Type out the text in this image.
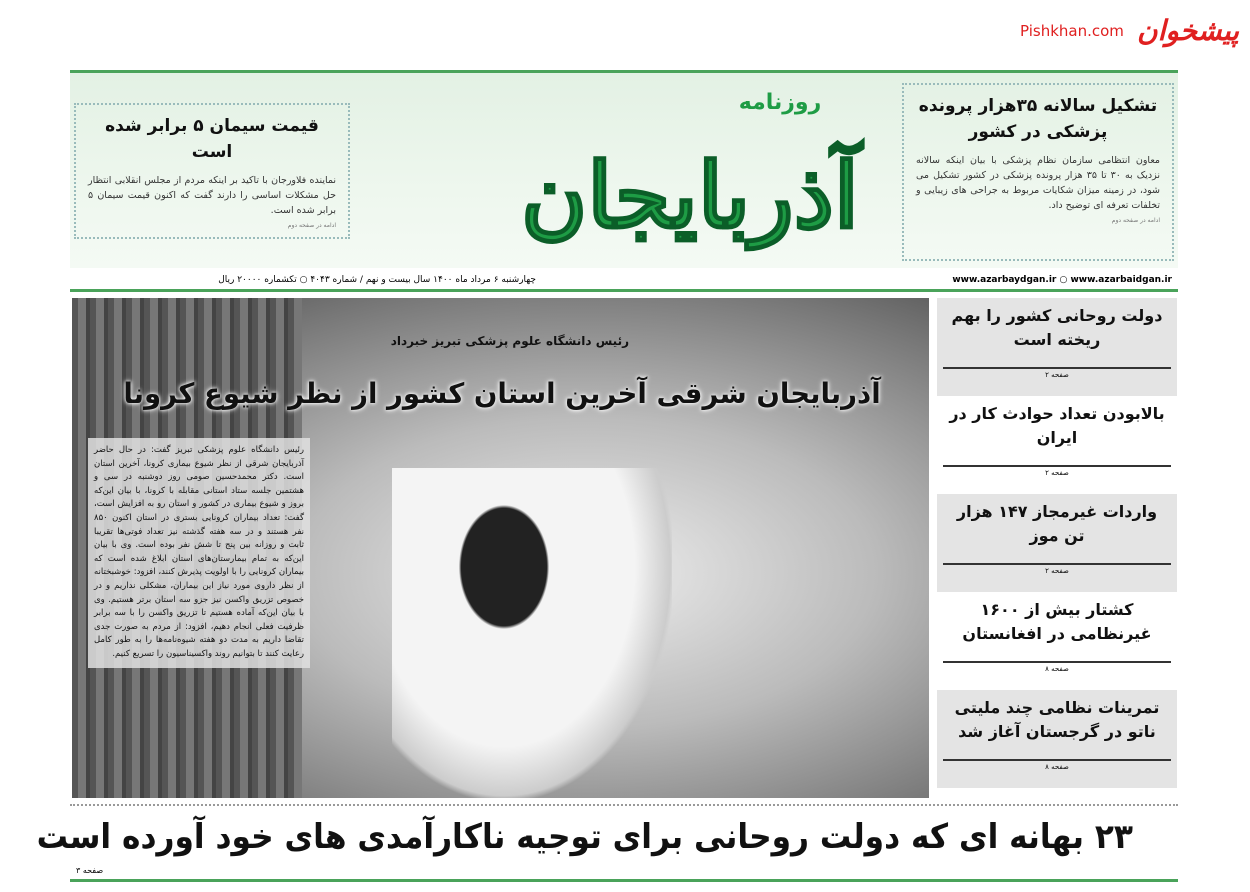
پیشخوان Pishkhan.com
تشکیل سالانه ۳۵هزار پرونده پزشکی در کشور

معاون انتظامی سازمان نظام پزشکی با بیان اینکه سالانه نزدیک به ۳۰ تا ۳۵ هزار پرونده پزشکی در کشور تشکیل می شود، در زمینه میزان شکایات مربوط به جراحی های زیبایی و تخلفات تعرفه ای توضیح داد.

ادامه در صفحه دوم
قیمت سیمان ۵ برابر شده است

نماینده فلاورجان با تاکید بر اینکه مردم از مجلس انقلابی انتظار حل مشکلات اساسی را دارند گفت که اکنون قیمت سیمان ۵ برابر شده است.

ادامه در صفحه دوم
روزنامه
آذربایجان
www.azarbaydgan.ir ○ www.azarbaidgan.ir
چهارشنبه ۶ مرداد ماه ۱۴۰۰ سال بیست و نهم / شماره ۴۰۴۳ ○ تکشماره ۲۰۰۰۰ ریال
رئیس دانشگاه علوم پزشکی تبریز خبرداد
آذربایجان شرقی آخرین استان کشور از نظر شیوع کرونا
رئیس دانشگاه علوم پزشکی تبریز گفت: در حال حاضر آذربایجان شرقی از نظر شیوع بیماری کرونا، آخرین استان است. دکتر محمدحسین صومی روز دوشنبه در سی و هشتمین جلسه ستاد استانی مقابله با کرونا، با بیان این‌که بروز و شیوع بیماری در کشور و استان رو به افزایش است، گفت: تعداد بیماران کرونایی بستری در استان اکنون ۸۵۰ نفر هستند و در سه هفته گذشته نیز تعداد فوتی‌ها تقریبا ثابت و روزانه بین پنج تا شش نفر بوده است. وی با بیان این‌که به تمام بیمارستان‌های استان ابلاغ شده است که بیماران کرونایی را با اولویت پذیرش کنند، افزود: خوشبختانه از نظر داروی مورد نیاز این بیماران، مشکلی نداریم و در خصوص تزریق واکسن نیز جزو سه استان برتر هستیم. وی با بیان این‌که آماده هستیم تا تزریق واکسن را با سه برابر ظرفیت فعلی انجام دهیم، افزود: از مردم به صورت جدی تقاضا داریم به مدت دو هفته شیوه‌نامه‌ها را به طور کامل رعایت کنند تا بتوانیم روند واکسیناسیون را تسریع کنیم.
دولت روحانی کشور را بهم ریخته است
$^{صفحه ۲}$
بالابودن تعداد حوادث کار در ایران
$^{صفحه ۲}$
واردات غیرمجاز ۱۴۷ هزار تن موز
$^{صفحه ۲}$
کشتار بیش از ۱۶۰۰ غیرنظامی در افغانستان
$^{صفحه ۸}$
تمرینات نظامی چند ملیتی ناتو در گرجستان آغاز شد
$^{صفحه ۸}$
۲۳ بهانه ای که دولت روحانی برای توجیه ناکارآمدی های خود آورده است
صفحه ۳
